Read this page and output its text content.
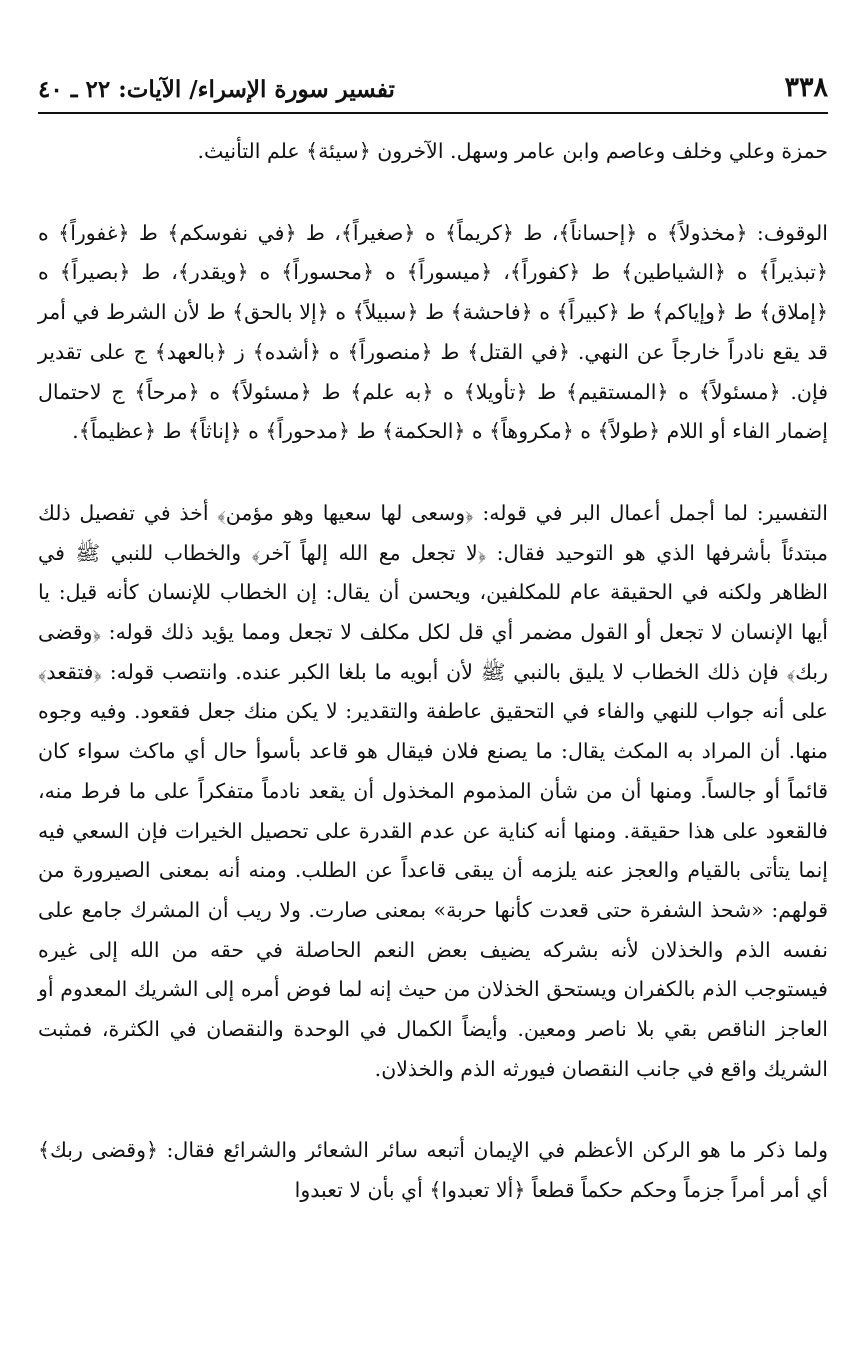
٣٣٨
تفسير سورة الإسراء/ الآيات: ٢٢ ـ ٤٠

حمزة وعلي وخلف وعاصم وابن عامر وسهل. الآخرون ﴿سيئة﴾ علم التأنيث.

الوقوف: ﴿مخذولاً﴾ ه ﴿إحساناً﴾، ط ﴿كريماً﴾ ه ﴿صغيراً﴾، ط ﴿في نفوسكم﴾ ط ﴿غفوراً﴾ ه ﴿تبذيراً﴾ ه ﴿الشياطين﴾ ط ﴿كفوراً﴾، ﴿ميسوراً﴾ ه ﴿محسوراً﴾ ه ﴿ويقدر﴾، ط ﴿بصيراً﴾ ه ﴿إملاق﴾ ط ﴿وإياكم﴾ ط ﴿كبيراً﴾ ه ﴿فاحشة﴾ ط ﴿سبيلاً﴾ ه ﴿إلا بالحق﴾ ط لأن الشرط في أمر قد يقع نادراً خارجاً عن النهي. ﴿في القتل﴾ ط ﴿منصوراً﴾ ه ﴿أشده﴾ ز ﴿بالعهد﴾ ج على تقدير فإن. ﴿مسئولاً﴾ ه ﴿المستقيم﴾ ط ﴿تأويلا﴾ ه ﴿به علم﴾ ط ﴿مسئولاً﴾ ه ﴿مرحاً﴾ ج لاحتمال إضمار الفاء أو اللام ﴿طولاً﴾ ه ﴿مكروهاً﴾ ه ﴿الحكمة﴾ ط ﴿مدحوراً﴾ ه ﴿إناثاً﴾ ط ﴿عظيماً﴾.

التفسير: لما أجمل أعمال البر في قوله: ﴿وسعى لها سعيها وهو مؤمن﴾ أخذ في تفصيل ذلك مبتدئاً بأشرفها الذي هو التوحيد فقال: ﴿لا تجعل مع الله إلهاً آخر﴾ والخطاب للنبي ﷺ في الظاهر ولكنه في الحقيقة عام للمكلفين، ويحسن أن يقال: إن الخطاب للإنسان كأنه قيل: يا أيها الإنسان لا تجعل أو القول مضمر أي قل لكل مكلف لا تجعل ومما يؤيد ذلك قوله: ﴿وقضى ربك﴾ فإن ذلك الخطاب لا يليق بالنبي ﷺ لأن أبويه ما بلغا الكبر عنده. وانتصب قوله: ﴿فتقعد﴾ على أنه جواب للنهي والفاء في التحقيق عاطفة والتقدير: لا يكن منك جعل فقعود. وفيه وجوه منها. أن المراد به المكث يقال: ما يصنع فلان فيقال هو قاعد بأسوأ حال أي ماكث سواء كان قائماً أو جالساً. ومنها أن من شأن المذموم المخذول أن يقعد نادماً متفكراً على ما فرط منه، فالقعود على هذا حقيقة. ومنها أنه كناية عن عدم القدرة على تحصيل الخيرات فإن السعي فيه إنما يتأتى بالقيام والعجز عنه يلزمه أن يبقى قاعداً عن الطلب. ومنه أنه بمعنى الصيرورة من قولهم: «شحذ الشفرة حتى قعدت كأنها حربة» بمعنى صارت. ولا ريب أن المشرك جامع على نفسه الذم والخذلان لأنه بشركه يضيف بعض النعم الحاصلة في حقه من الله إلى غيره فيستوجب الذم بالكفران ويستحق الخذلان من حيث إنه لما فوض أمره إلى الشريك المعدوم أو العاجز الناقص بقي بلا ناصر ومعين. وأيضاً الكمال في الوحدة والنقصان في الكثرة، فمثبت الشريك واقع في جانب النقصان فيورثه الذم والخذلان.

ولما ذكر ما هو الركن الأعظم في الإيمان أتبعه سائر الشعائر والشرائع فقال: ﴿وقضى ربك﴾ أي أمر أمراً جزماً وحكم حكماً قطعاً ﴿ألا تعبدوا﴾ أي بأن لا تعبدوا
